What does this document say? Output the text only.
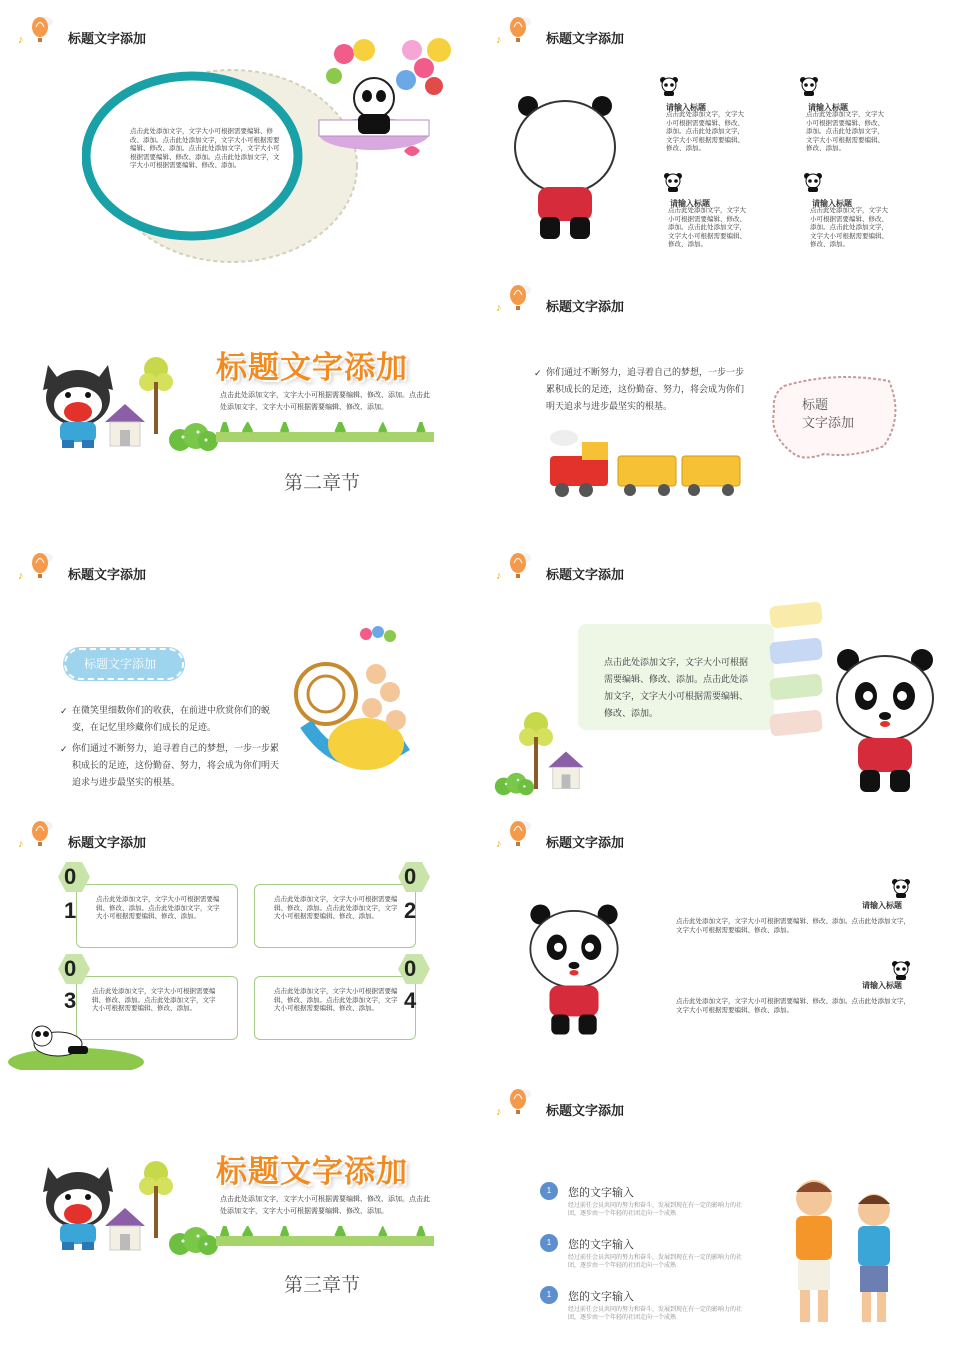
♪	标题文字添加
点击此处添加文字，文字大小可根据需要编辑、修改、添加。点击此处添加文字，文字大小可根据需要编辑、修改、添加。点击此处添加文字，文字大小可根据需要编辑、修改、添加。点击此处添加文字，文字大小可根据需要编辑、修改、添加。
♪	标题文字添加
请输入标题
点击此处添加文字，文字大小可根据需要编辑、修改、添加。点击此处添加文字，文字大小可根据需要编辑、修改、添加。
请输入标题
点击此处添加文字，文字大小可根据需要编辑、修改、添加。点击此处添加文字，文字大小可根据需要编辑、修改、添加。
请输入标题
点击此处添加文字，文字大小可根据需要编辑、修改、添加。点击此处添加文字，文字大小可根据需要编辑、修改、添加。
请输入标题
点击此处添加文字，文字大小可根据需要编辑、修改、添加。点击此处添加文字，文字大小可根据需要编辑、修改、添加。
标题文字添加
点击此处添加文字，文字大小可根据需要编辑、修改、添加。点击此处添加文字，文字大小可根据需要编辑、修改、添加。
第二章节
♪	标题文字添加
✓ 你们通过不断努力，追寻着自己的梦想，一步一步累积成长的足迹，这份勤奋、努力，将会成为你们明天追求与进步最坚实的根基。	标题
文字添加
♪	标题文字添加
标题文字添加
✓ 在微笑里细数你们的收获，在前进中欣赏你们的蜕变，在记忆里珍藏你们成长的足迹。
✓ 你们通过不断努力，追寻着自己的梦想，一步一步累积成长的足迹，这份勤奋、努力，将会成为你们明天追求与进步最坚实的根基。
♪	标题文字添加
点击此处添加文字，文字大小可根据需要编辑、修改、添加。点击此处添加文字，文字大小可根据需要编辑、修改、添加。
♪	标题文字添加
点击此处添加文字，文字大小可根据需要编辑、修改、添加。点击此处添加文字，文字大小可根据需要编辑、修改、添加。
0
1	点击此处添加文字，文字大小可根据需要编辑、修改、添加。点击此处添加文字，文字大小可根据需要编辑、修改、添加。
0
2
点击此处添加文字，文字大小可根据需要编辑、修改、添加。点击此处添加文字，文字大小可根据需要编辑、修改、添加。
0
3	点击此处添加文字，文字大小可根据需要编辑、修改、添加。点击此处添加文字，文字大小可根据需要编辑、修改、添加。
0
4
♪	标题文字添加
请输入标题
点击此处添加文字，文字大小可根据需要编辑、修改、添加。点击此处添加文字，文字大小可根据需要编辑、修改、添加。
请输入标题
点击此处添加文字，文字大小可根据需要编辑、修改、添加。点击此处添加文字，文字大小可根据需要编辑、修改、添加。
标题文字添加
点击此处添加文字，文字大小可根据需要编辑、修改、添加。点击此处添加文字，文字大小可根据需要编辑、修改、添加。
第三章节
♪	标题文字添加
1	您的文字输入
经过前任会员共同的努力和奋斗，发展到现在有一定的影响力的社团，逐步由一个年轻的社团走向一个成熟
1	您的文字输入
经过前任会员共同的努力和奋斗，发展到现在有一定的影响力的社团，逐步由一个年轻的社团走向一个成熟
1	您的文字输入
经过前任会员共同的努力和奋斗，发展到现在有一定的影响力的社团，逐步由一个年轻的社团走向一个成熟
